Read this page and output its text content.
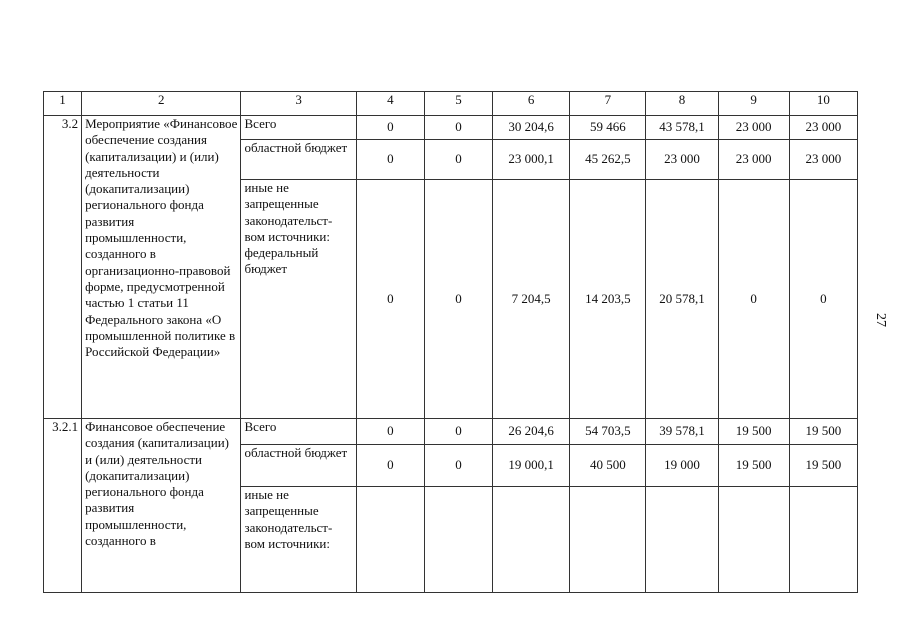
1	2	3	4	5	6	7	8	9	10
3.2	Мероприятие «Финансовое обеспечение создания (капитализации) и (или) деятельности (докапитализации) регионального фонда развития промышленности, созданного в организационно-правовой форме, предусмотренной частью 1 статьи 11 Федерального закона «О промышленной политике в Российской Федерации»	Всего	0	0	30 204,6	59 466	43 578,1	23 000	23 000
		областной бюджет	0	0	23 000,1	45 262,5	23 000	23 000	23 000
		иные не запрещенные законодательст-вом источники: федеральный бюджет	0	0	7 204,5	14 203,5	20 578,1	0	0
3.2.1	Финансовое обеспечение создания (капитализации) и (или) деятельности (докапитализации) регионального фонда развития промышленности, созданного в	Всего	0	0	26 204,6	54 703,5	39 578,1	19 500	19 500
		областной бюджет	0	0	19 000,1	40 500	19 000	19 500	19 500
		иные не запрещенные законодательст-вом источники:							
27
